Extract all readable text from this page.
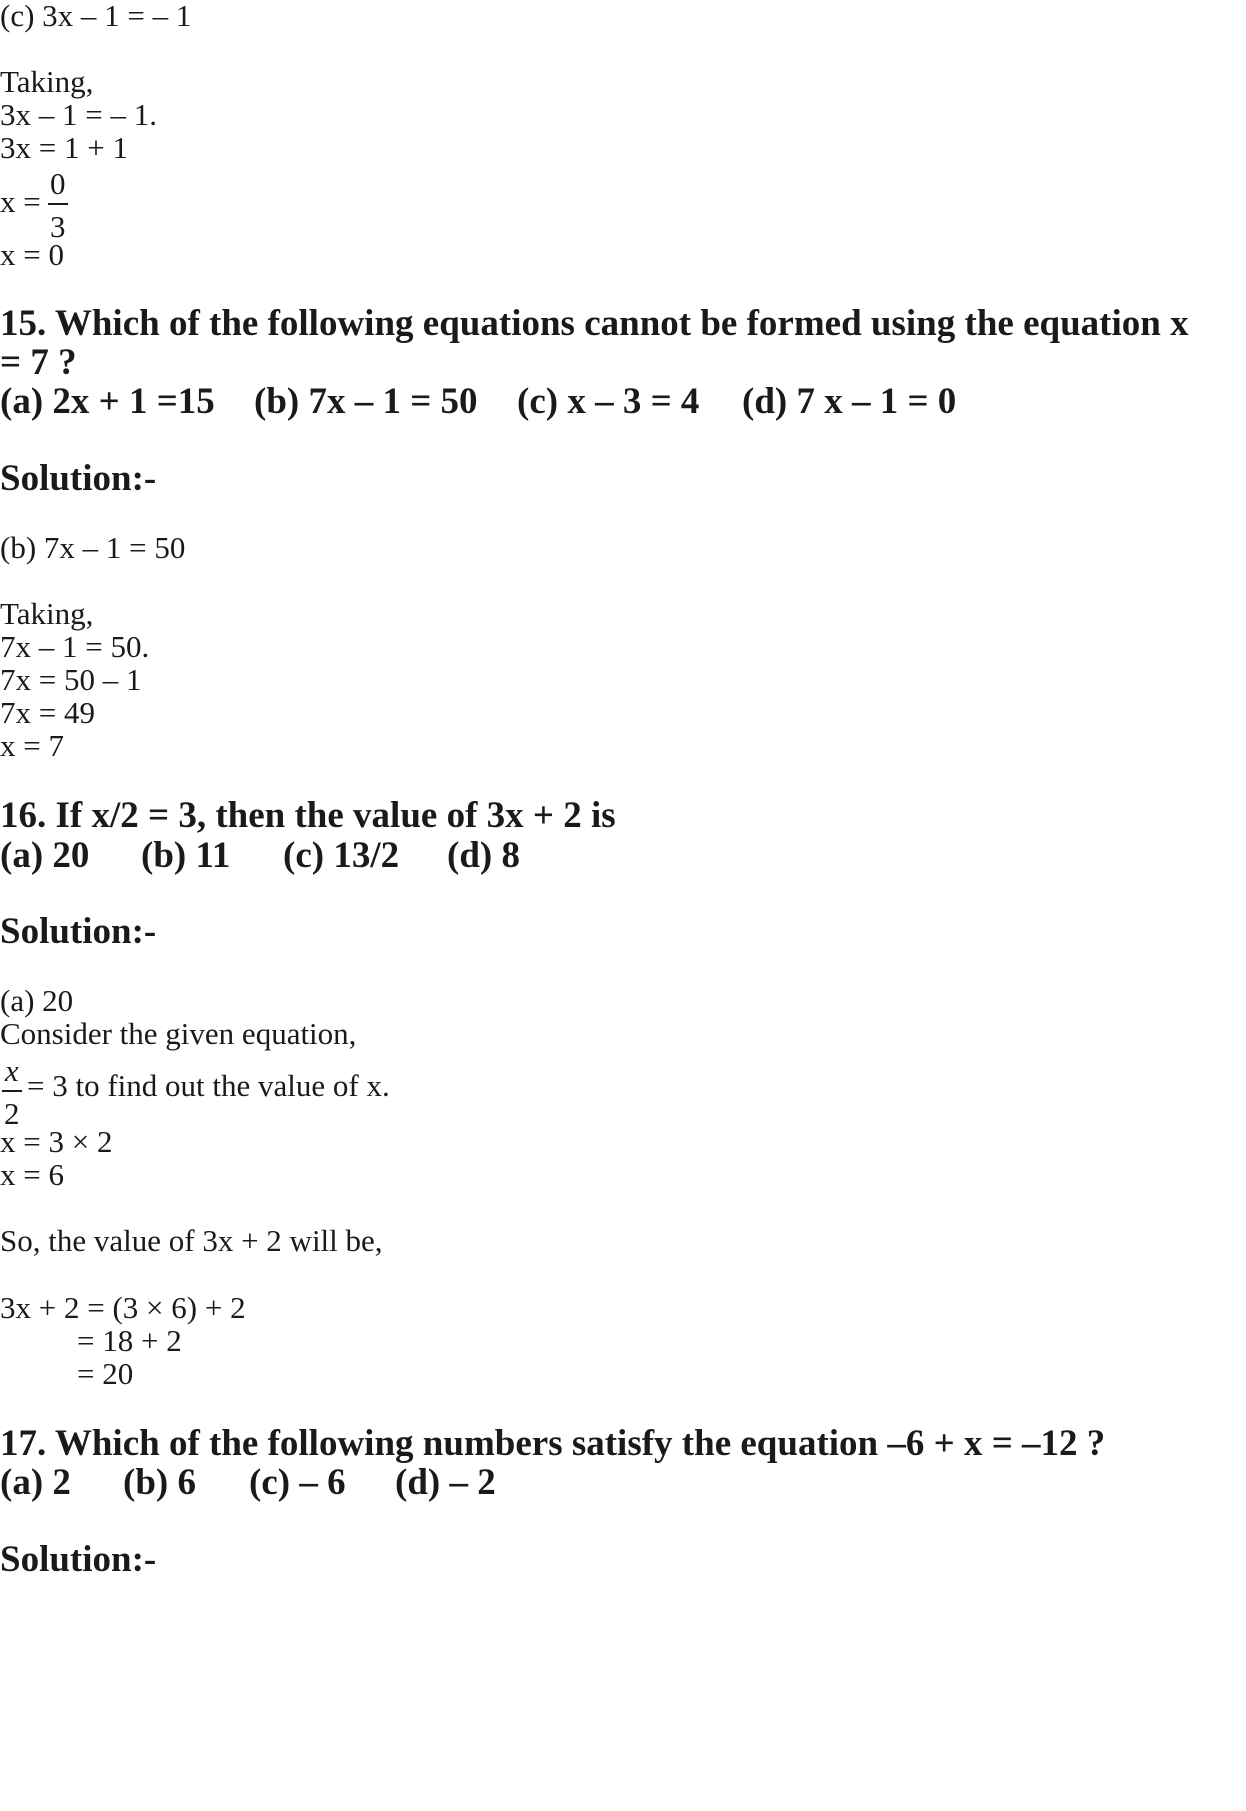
(c) 3x – 1 = – 1
Taking,
3x – 1 = – 1.
3x = 1 + 1
x =
0
3
x = 0
15. Which of the following equations cannot be formed using the equation x
= 7 ?
(a) 2x + 1 =15 (b) 7x – 1 = 50 (c) x – 3 = 4 (d) 7 x – 1 = 0
Solution:-
(b) 7x – 1 = 50
Taking,
7x – 1 = 50.
7x = 50 – 1
7x = 49
x = 7
16. If x/2 = 3, then the value of 3x + 2 is
(a) 20 (b) 11 (c) 13/2 (d) 8
Solution:-
(a) 20
Consider the given equation,
x
2
= 3 to find out the value of x.
x = 3 × 2
x = 6
So, the value of 3x + 2 will be,
3x + 2 = (3 × 6) + 2
= 18 + 2
= 20
17. Which of the following numbers satisfy the equation –6 + x = –12 ?
(a) 2 (b) 6 (c) – 6 (d) – 2
Solution:-
